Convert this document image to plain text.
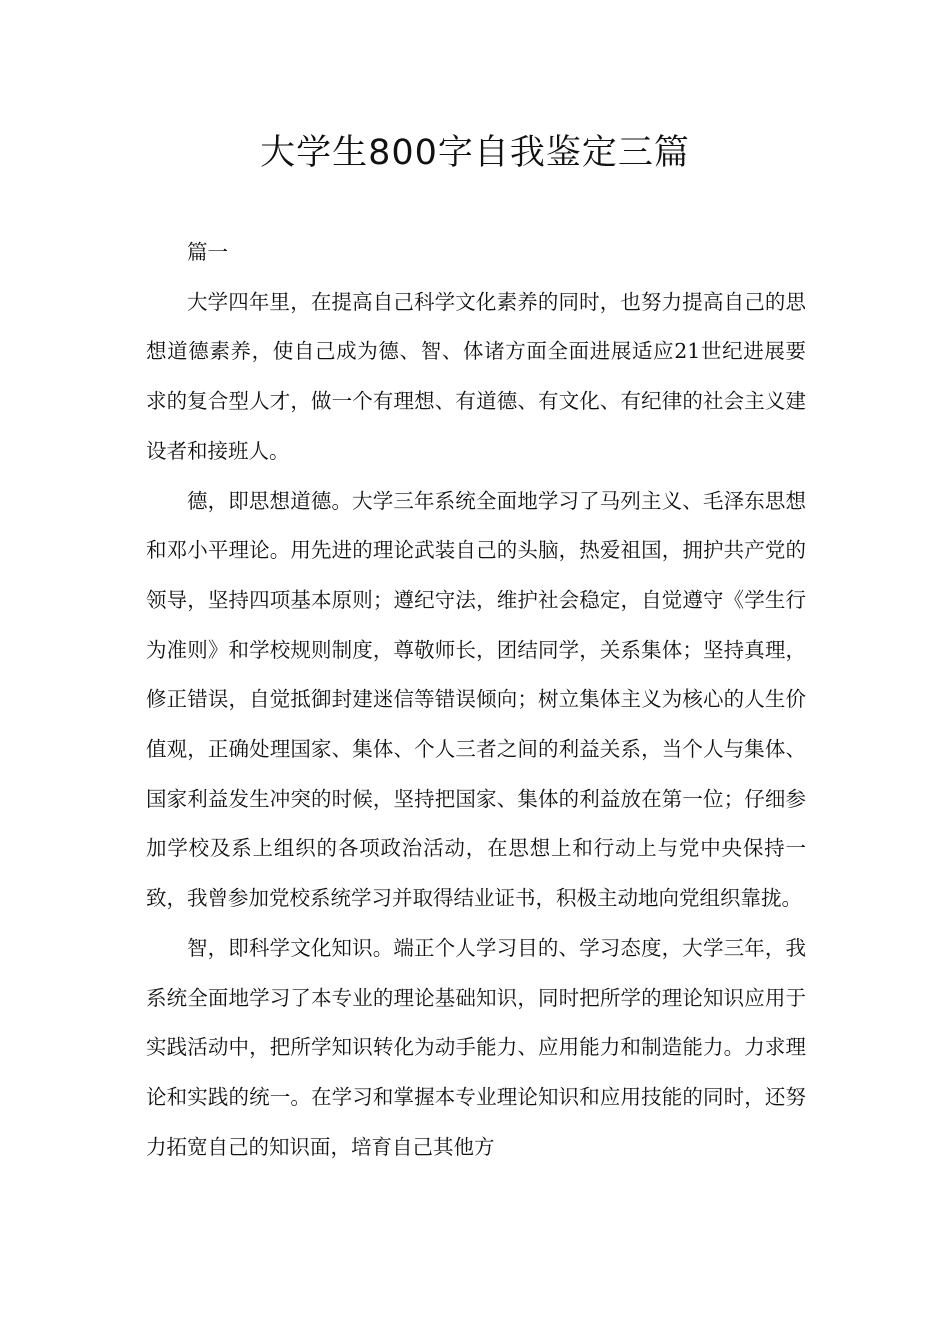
大学生800字自我鉴定三篇

篇一

大学四年里，在提高自己科学文化素养的同时，也努力提高自己的思想道德素养，使自己成为德、智、体诸方面全面进展适应21世纪进展要求的复合型人才，做一个有理想、有道德、有文化、有纪律的社会主义建设者和接班人。

德，即思想道德。大学三年系统全面地学习了马列主义、毛泽东思想和邓小平理论。用先进的理论武装自己的头脑，热爱祖国，拥护共产党的领导，坚持四项基本原则；遵纪守法，维护社会稳定，自觉遵守《学生行为准则》和学校规则制度，尊敬师长，团结同学，关系集体；坚持真理，修正错误，自觉抵御封建迷信等错误倾向；树立集体主义为核心的人生价值观，正确处理国家、集体、个人三者之间的利益关系，当个人与集体、国家利益发生冲突的时候，坚持把国家、集体的利益放在第一位；仔细参加学校及系上组织的各项政治活动，在思想上和行动上与党中央保持一致，我曾参加党校系统学习并取得结业证书，积极主动地向党组织靠拢。

智，即科学文化知识。端正个人学习目的、学习态度，大学三年，我系统全面地学习了本专业的理论基础知识，同时把所学的理论知识应用于实践活动中，把所学知识转化为动手能力、应用能力和制造能力。力求理论和实践的统一。在学习和掌握本专业理论知识和应用技能的同时，还努力拓宽自己的知识面，培育自己其他方
